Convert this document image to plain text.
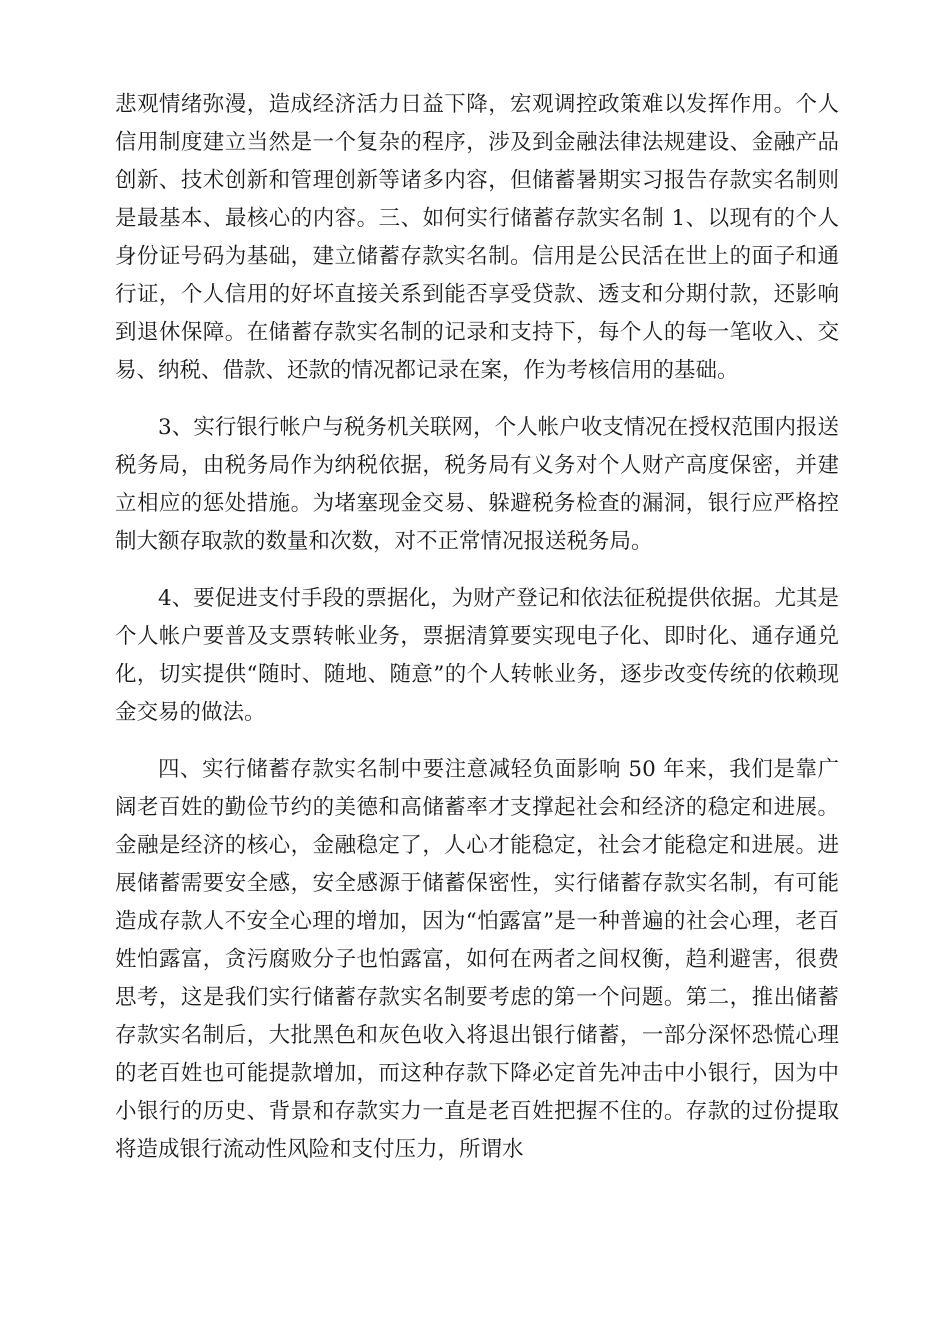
悲观情绪弥漫，造成经济活力日益下降，宏观调控政策难以发挥作用。个人信用制度建立当然是一个复杂的程序，涉及到金融法律法规建设、金融产品创新、技术创新和管理创新等诸多内容，但储蓄暑期实习报告存款实名制则是最基本、最核心的内容。三、如何实行储蓄存款实名制 1、以现有的个人身份证号码为基础，建立储蓄存款实名制。信用是公民活在世上的面子和通行证，个人信用的好坏直接关系到能否享受贷款、透支和分期付款，还影响到退休保障。在储蓄存款实名制的记录和支持下，每个人的每一笔收入、交易、纳税、借款、还款的情况都记录在案，作为考核信用的基础。

3、实行银行帐户与税务机关联网，个人帐户收支情况在授权范围内报送税务局，由税务局作为纳税依据，税务局有义务对个人财产高度保密，并建立相应的惩处措施。为堵塞现金交易、躲避税务检查的漏洞，银行应严格控制大额存取款的数量和次数，对不正常情况报送税务局。

4、要促进支付手段的票据化，为财产登记和依法征税提供依据。尤其是个人帐户要普及支票转帐业务，票据清算要实现电子化、即时化、通存通兑化，切实提供“随时、随地、随意”的个人转帐业务，逐步改变传统的依赖现金交易的做法。

四、实行储蓄存款实名制中要注意减轻负面影响 50 年来，我们是靠广阔老百姓的勤俭节约的美德和高储蓄率才支撑起社会和经济的稳定和进展。金融是经济的核心，金融稳定了，人心才能稳定，社会才能稳定和进展。进展储蓄需要安全感，安全感源于储蓄保密性，实行储蓄存款实名制，有可能造成存款人不安全心理的增加，因为“怕露富”是一种普遍的社会心理，老百姓怕露富，贪污腐败分子也怕露富，如何在两者之间权衡，趋利避害，很费思考，这是我们实行储蓄存款实名制要考虑的第一个问题。第二，推出储蓄存款实名制后，大批黑色和灰色收入将退出银行储蓄，一部分深怀恐慌心理的老百姓也可能提款增加，而这种存款下降必定首先冲击中小银行，因为中小银行的历史、背景和存款实力一直是老百姓把握不住的。存款的过份提取将造成银行流动性风险和支付压力，所谓水
